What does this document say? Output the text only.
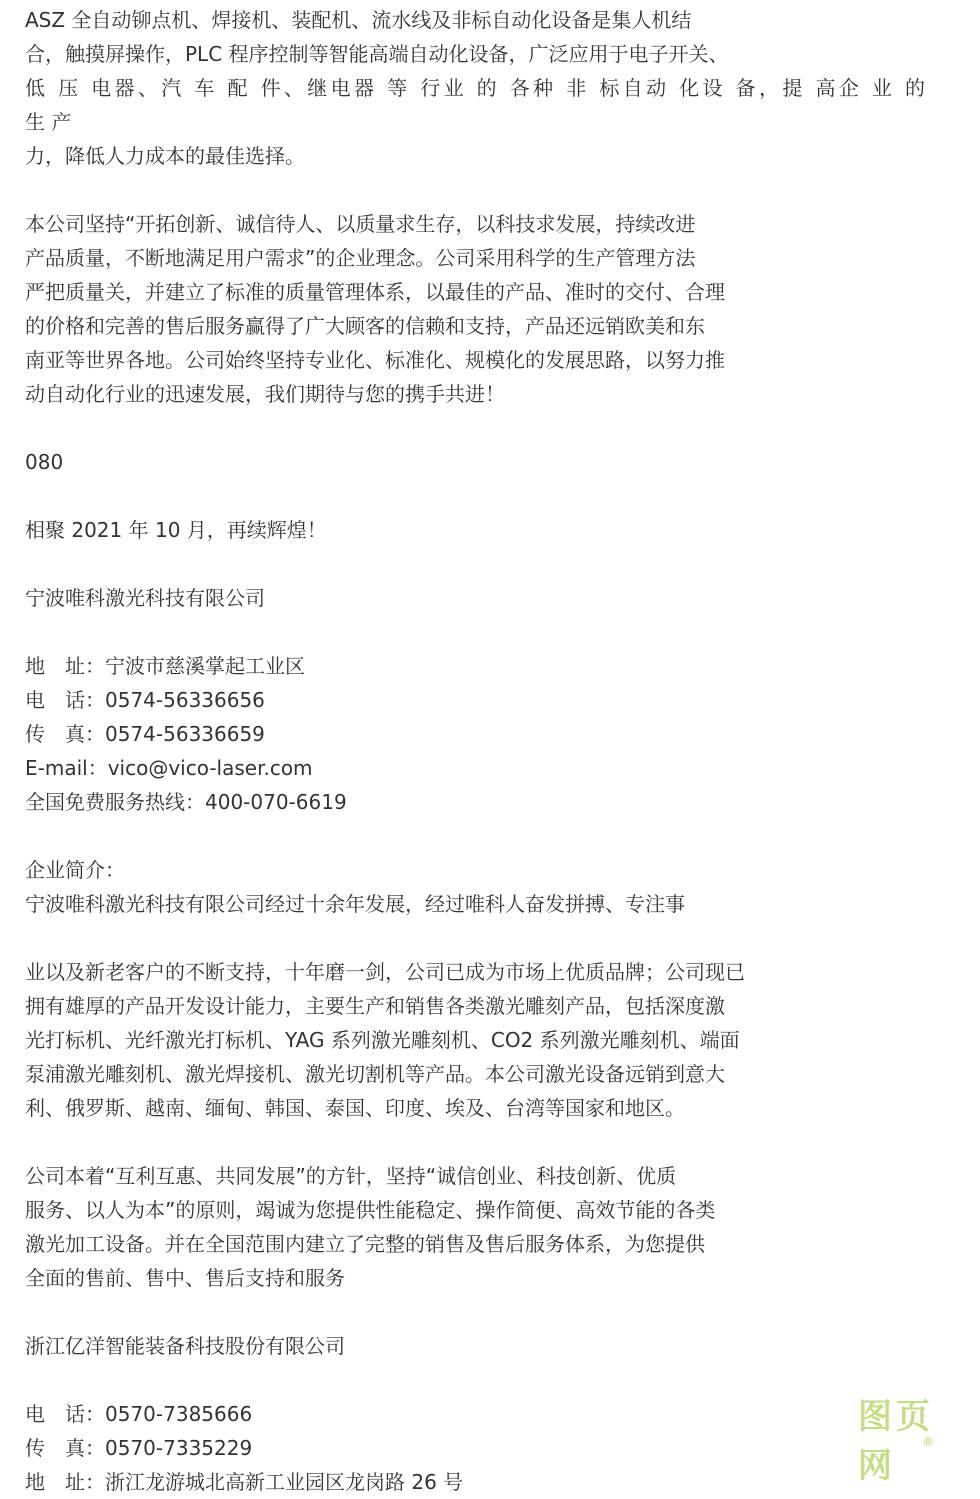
ASZ 全自动铆点机、焊接机、装配机、流水线及非标自动化设备是集人机结
合，触摸屏操作，PLC 程序控制等智能高端自动化设备，广泛应用于电子开关、
低 压 电器、汽 车 配 件、继电器 等 行业 的 各种 非 标自动 化设 备，提 高企 业 的
生 产
力，降低人力成本的最佳选择。
本公司坚持“开拓创新、诚信待人、以质量求生存，以科技求发展，持续改进
产品质量，不断地满足用户需求”的企业理念。公司采用科学的生产管理方法
严把质量关，并建立了标准的质量管理体系，以最佳的产品、准时的交付、合理
的价格和完善的售后服务赢得了广大顾客的信赖和支持，产品还远销欧美和东
南亚等世界各地。公司始终坚持专业化、标准化、规模化的发展思路，以努力推
动自动化行业的迅速发展，我们期待与您的携手共进！
080
相聚 2021 年 10 月，再续辉煌！
宁波唯科激光科技有限公司
地　址：宁波市慈溪掌起工业区
电　话：0574-56336656
传　真：0574-56336659
E-mail：vico@vico-laser.com
全国免费服务热线：400-070-6619
企业简介：
宁波唯科激光科技有限公司经过十余年发展，经过唯科人奋发拼搏、专注事
业以及新老客户的不断支持，十年磨一剑，公司已成为市场上优质品牌；公司现已
拥有雄厚的产品开发设计能力，主要生产和销售各类激光雕刻产品，包括深度激
光打标机、光纤激光打标机、YAG 系列激光雕刻机、CO2 系列激光雕刻机、端面
泵浦激光雕刻机、激光焊接机、激光切割机等产品。本公司激光设备远销到意大
利、俄罗斯、越南、缅甸、韩国、泰国、印度、埃及、台湾等国家和地区。
公司本着“互利互惠、共同发展”的方针，坚持“诚信创业、科技创新、优质
服务、以人为本”的原则，竭诚为您提供性能稳定、操作简便、高效节能的各类
激光加工设备。并在全国范围内建立了完整的销售及售后服务体系，为您提供
全面的售前、售中、售后支持和服务
浙江亿洋智能装备科技股份有限公司
电　话：0570-7385666
传　真：0570-7335229
地　址：浙江龙游城北高新工业园区龙岗路 26 号
图页网
®
